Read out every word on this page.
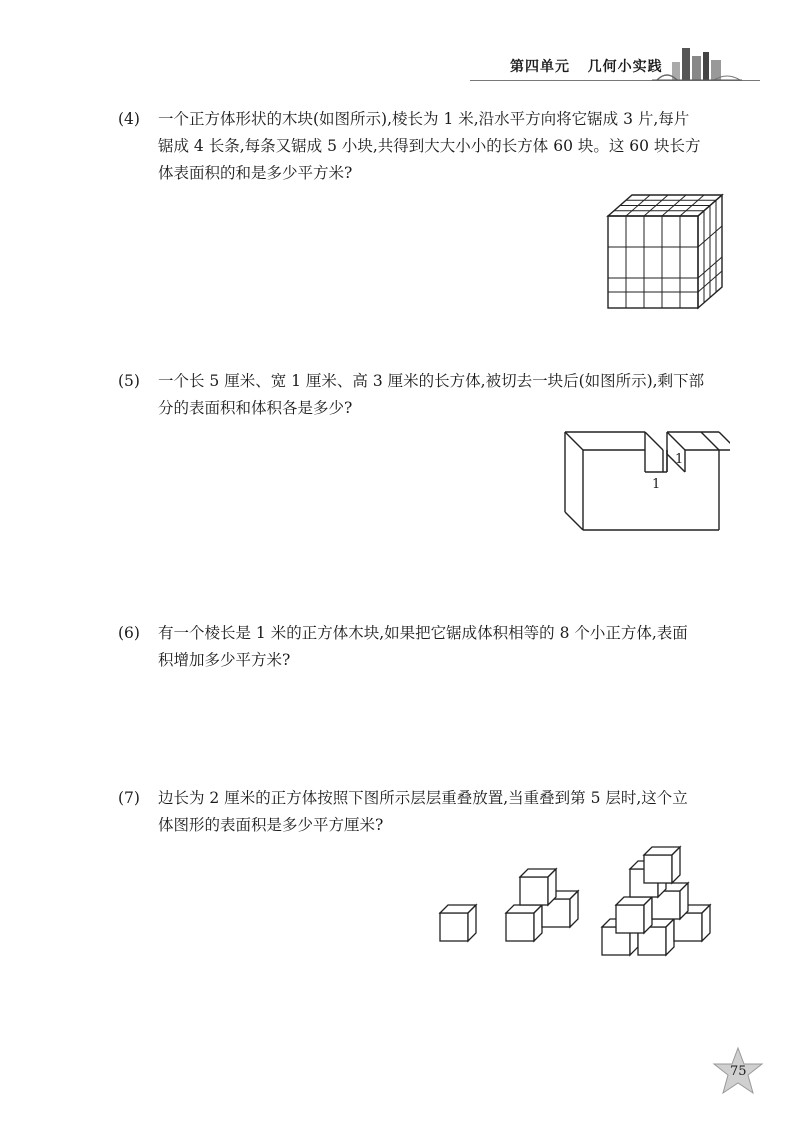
第四单元 几何小实践
(4) 一个正方体形状的木块(如图所示),棱长为 1 米,沿水平方向将它锯成 3 片,每片
锯成 4 长条,每条又锯成 5 小块,共得到大大小小的长方体 60 块。这 60 块长方
体表面积的和是多少平方米?
(5) 一个长 5 厘米、宽 1 厘米、高 3 厘米的长方体,被切去一块后(如图所示),剩下部
分的表面积和体积各是多少?
1
1
(6) 有一个棱长是 1 米的正方体木块,如果把它锯成体积相等的 8 个小正方体,表面
积增加多少平方米?
(7) 边长为 2 厘米的正方体按照下图所示层层重叠放置,当重叠到第 5 层时,这个立
体图形的表面积是多少平方厘米?
75
